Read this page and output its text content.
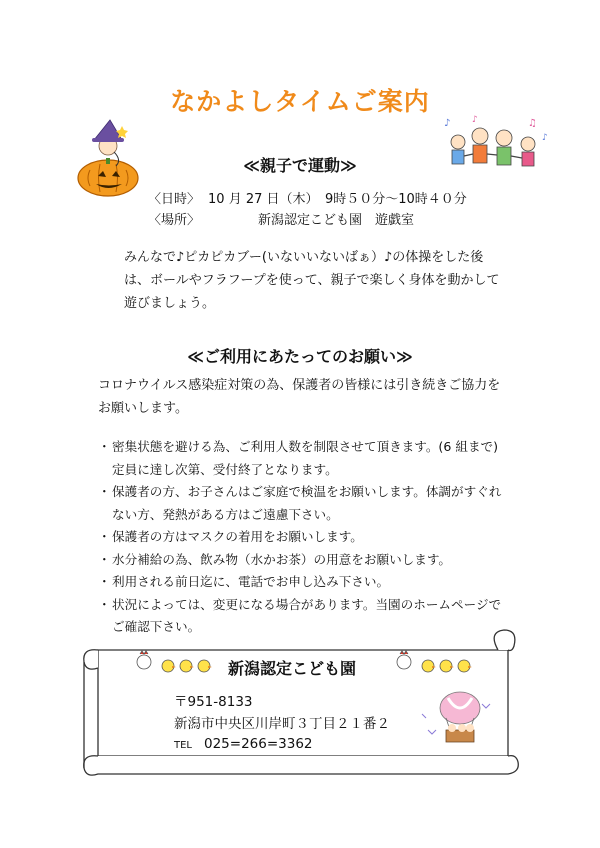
なかよしタイムご案内
♪ ♪	♫
♪
≪親子で運動≫
〈日時〉 10 月 27 日（木）　9時５０分～10時４０分
〈場所〉	新潟認定こども園　遊戯室
みんなで♪ピカピカブー(いないいないばぁ）♪の体操をした後は、ボールやフラフープを使って、親子で楽しく身体を動かして遊びましょう。
≪ご利用にあたってのお願い≫
コロナウイルス感染症対策の為、保護者の皆様には引き続きご協力をお願いします。
・ 密集状態を避ける為、ご利用人数を制限させて頂きます。(6 組まで)定員に達し次第、受付終了となります。
・ 保護者の方、お子さんはご家庭で検温をお願いします。体調がすぐれない方、発熱がある方はご遠慮下さい。
・ 保護者の方はマスクの着用をお願いします。
・ 水分補給の為、飲み物（水かお茶）の用意をお願いします。
・ 利用される前日迄に、電話でお申し込み下さい。
・ 状況によっては、変更になる場合があります。当園のホームページでご確認下さい。
新潟認定こども園
〒951-8133
新潟市中央区川岸町３丁目２１番２
TEL 025=266=3362
